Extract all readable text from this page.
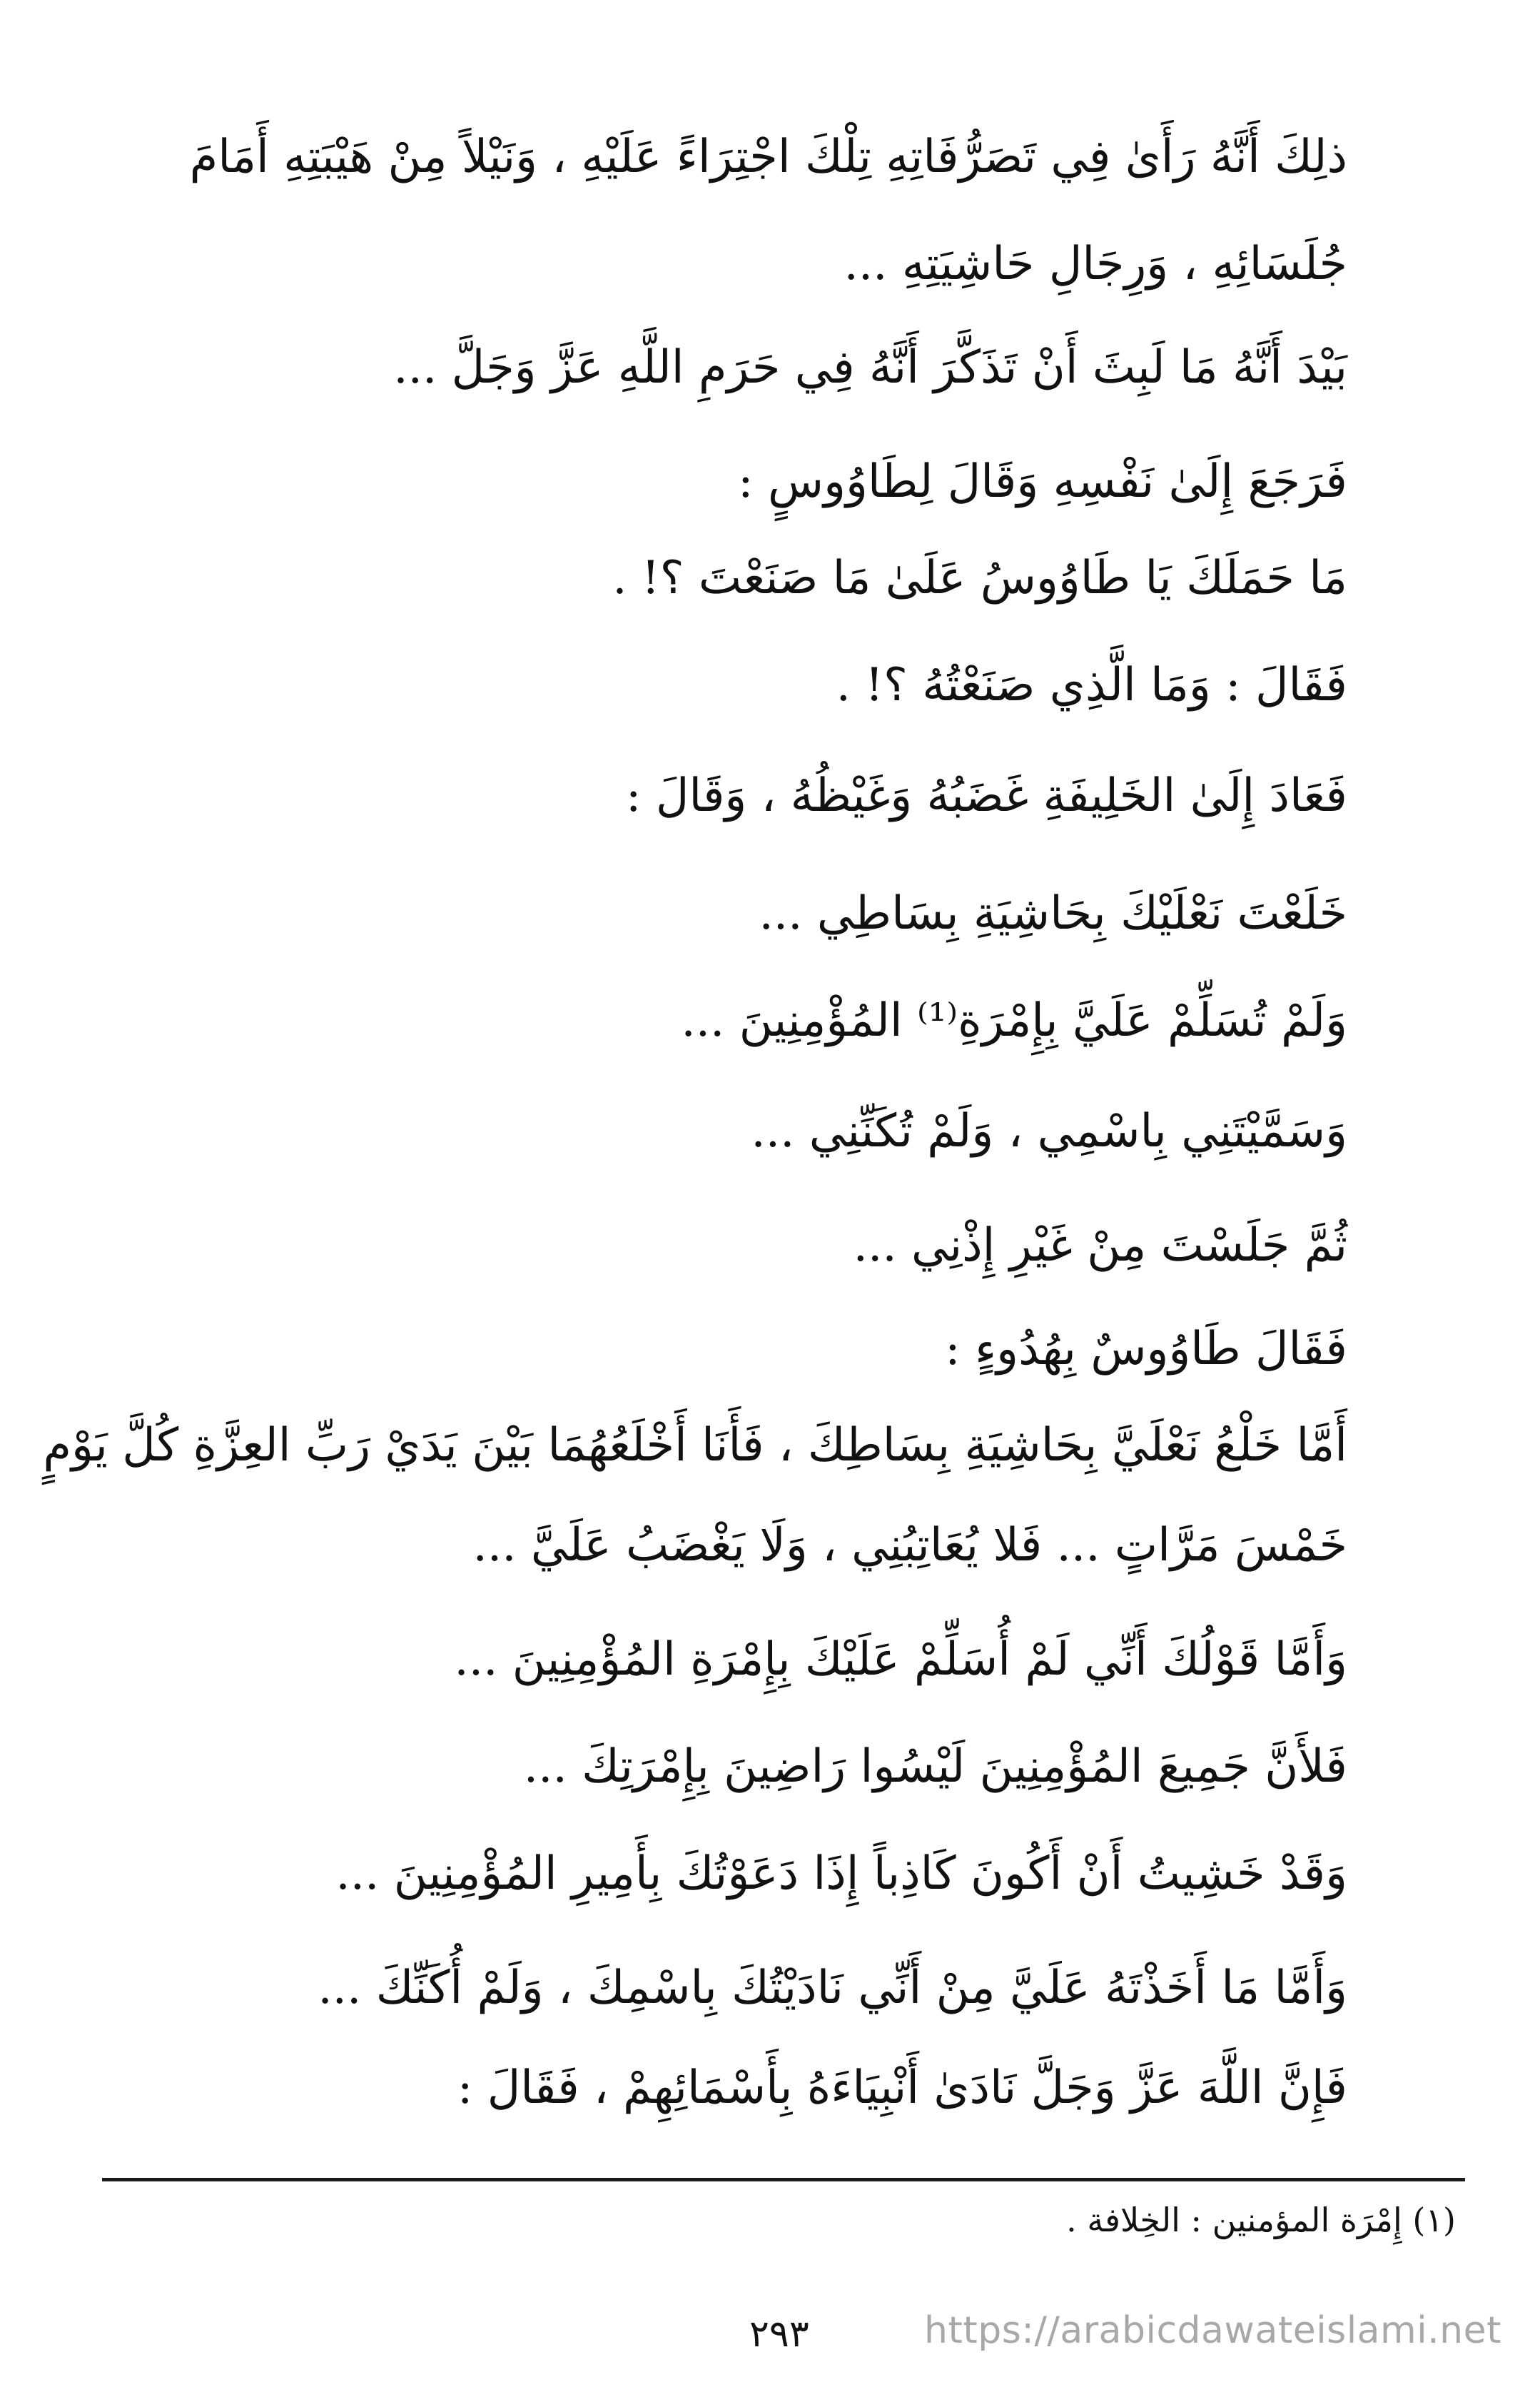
ذلِكَ أَنَّهُ رَأَىٰ فِي تَصَرُّفَاتِهِ تِلْكَ اجْتِرَاءً عَلَيْهِ ، وَنَيْلاً مِنْ هَيْبَتِهِ أَمَامَ
جُلَسَائِهِ ، وَرِجَالِ حَاشِيَتِهِ ...
بَيْدَ أَنَّهُ مَا لَبِثَ أَنْ تَذَكَّرَ أَنَّهُ فِي حَرَمِ اللَّهِ عَزَّ وَجَلَّ ...
فَرَجَعَ إِلَىٰ نَفْسِهِ وَقَالَ لِطَاوُوسٍ :
مَا حَمَلَكَ يَا طَاوُوسُ عَلَىٰ مَا صَنَعْتَ ؟! .
فَقَالَ : وَمَا الَّذِي صَنَعْتُهُ ؟! .
فَعَادَ إِلَىٰ الخَلِيفَةِ غَضَبُهُ وَغَيْظُهُ ، وَقَالَ :
خَلَعْتَ نَعْلَيْكَ بِحَاشِيَةِ بِسَاطِي ...
وَلَمْ تُسَلِّمْ عَلَيَّ بِإِمْرَةِ⁽¹⁾ المُؤْمِنِينَ ...
وَسَمَّيْتَنِي بِاسْمِي ، وَلَمْ تُكَنِّنِي ...
ثُمَّ جَلَسْتَ مِنْ غَيْرِ إِذْنِي ...
فَقَالَ طَاوُوسٌ بِهُدُوءٍ :
أَمَّا خَلْعُ نَعْلَيَّ بِحَاشِيَةِ بِسَاطِكَ ، فَأَنَا أَخْلَعُهُمَا بَيْنَ يَدَيْ رَبِّ العِزَّةِ كُلَّ يَوْمٍ
خَمْسَ مَرَّاتٍ ... فَلا يُعَاتِبُنِي ، وَلَا يَغْضَبُ عَلَيَّ ...
وَأَمَّا قَوْلُكَ أَنِّي لَمْ أُسَلِّمْ عَلَيْكَ بِإِمْرَةِ المُؤْمِنِينَ ...
فَلأَنَّ جَمِيعَ المُؤْمِنِينَ لَيْسُوا رَاضِينَ بِإِمْرَتِكَ ...
وَقَدْ خَشِيتُ أَنْ أَكُونَ كَاذِباً إِذَا دَعَوْتُكَ بِأَمِيرِ المُؤْمِنِينَ ...
وَأَمَّا مَا أَخَذْتَهُ عَلَيَّ مِنْ أَنِّي نَادَيْتُكَ بِاسْمِكَ ، وَلَمْ أُكَنِّكَ ...
فَإِنَّ اللَّهَ عَزَّ وَجَلَّ نَادَىٰ أَنْبِيَاءَهُ بِأَسْمَائِهِمْ ، فَقَالَ :
(١) إِمْرَة المؤمنين : الخِلافة .
٢٩٣	https://arabicdawateislami.net
